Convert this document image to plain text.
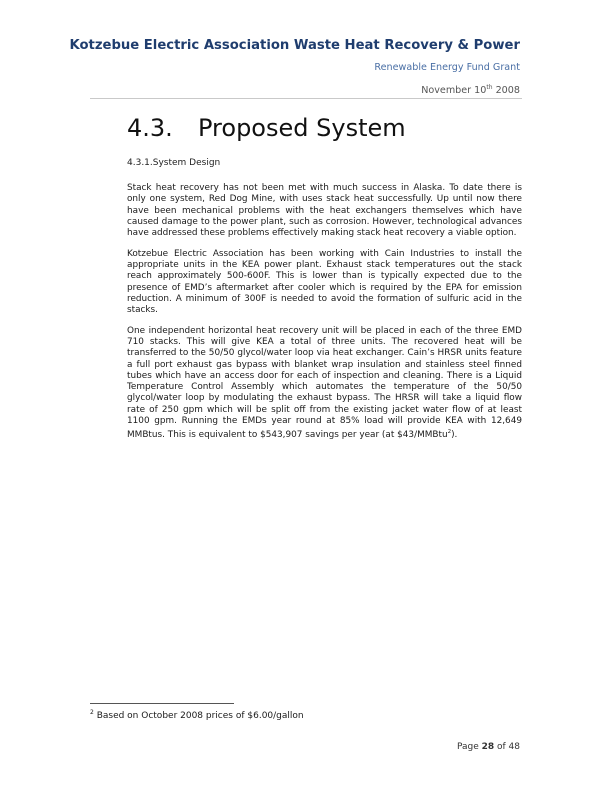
Kotzebue Electric Association Waste Heat Recovery & Power
Renewable Energy Fund Grant
November 10th 2008
4.3. Proposed System
4.3.1.System Design

Stack heat recovery has not been met with much success in Alaska. To date there is only one system, Red Dog Mine, with uses stack heat successfully. Up until now there have been mechanical problems with the heat exchangers themselves which have caused damage to the power plant, such as corrosion. However, technological advances have addressed these problems effectively making stack heat recovery a viable option.

Kotzebue Electric Association has been working with Cain Industries to install the appropriate units in the KEA power plant. Exhaust stack temperatures out the stack reach approximately 500-600F. This is lower than is typically expected due to the presence of EMD’s aftermarket after cooler which is required by the EPA for emission reduction. A minimum of 300F is needed to avoid the formation of sulfuric acid in the stacks.

One independent horizontal heat recovery unit will be placed in each of the three EMD 710 stacks. This will give KEA a total of three units. The recovered heat will be transferred to the 50/50 glycol/water loop via heat exchanger. Cain’s HRSR units feature a full port exhaust gas bypass with blanket wrap insulation and stainless steel finned tubes which have an access door for each of inspection and cleaning. There is a Liquid Temperature Control Assembly which automates the temperature of the 50/50 glycol/water loop by modulating the exhaust bypass. The HRSR will take a liquid flow rate of 250 gpm which will be split off from the existing jacket water flow of at least 1100 gpm. Running the EMDs year round at 85% load will provide KEA with 12,649 MMBtus. This is equivalent to $543,907 savings per year (at $43/MMBtu$^2$).

$^2$ Based on October 2008 prices of $6.00/gallon
Page 28 of 48
